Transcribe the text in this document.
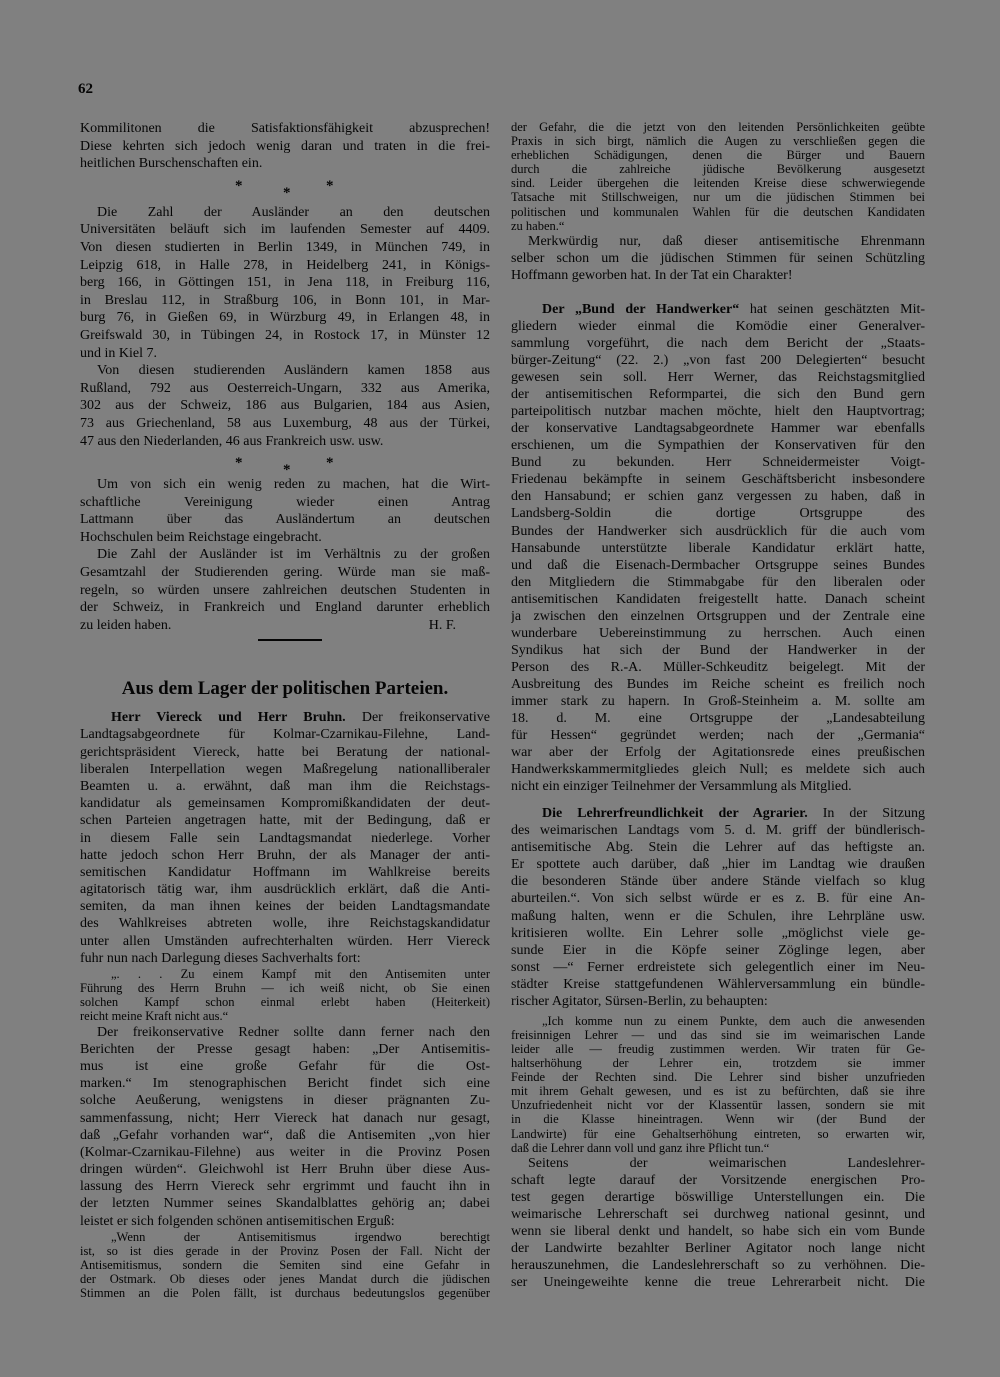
62
Kommilitonen die Satisfaktionsfähigkeit abzusprechen!
Diese kehrten sich jedoch wenig daran und traten in die frei-
heitlichen Burschenschaften ein.
*	* *
Die Zahl der Ausländer an den deutschen
Universitäten beläuft sich im laufenden Semester auf 4409.
Von diesen studierten in Berlin 1349, in München 749, in
Leipzig 618, in Halle 278, in Heidelberg 241, in Königs-
berg 166, in Göttingen 151, in Jena 118, in Freiburg 116,
in Breslau 112, in Straßburg 106, in Bonn 101, in Mar-
burg 76, in Gießen 69, in Würzburg 49, in Erlangen 48, in
Greifswald 30, in Tübingen 24, in Rostock 17, in Münster 12
und in Kiel 7.
Von diesen studierenden Ausländern kamen 1858 aus
Rußland, 792 aus Oesterreich-Ungarn, 332 aus Amerika,
302 aus der Schweiz, 186 aus Bulgarien, 184 aus Asien,
73 aus Griechenland, 58 aus Luxemburg, 48 aus der Türkei,
47 aus den Niederlanden, 46 aus Frankreich usw. usw.
*	* *
Um von sich ein wenig reden zu machen, hat die Wirt-
schaftliche Vereinigung wieder einen Antrag
Lattmann über das Ausländertum an deutschen
Hochschulen beim Reichstage eingebracht.
Die Zahl der Ausländer ist im Verhältnis zu der großen
Gesamtzahl der Studierenden gering. Würde man sie maß-
regeln, so würden unsere zahlreichen deutschen Studenten in
der Schweiz, in Frankreich und England darunter erheblich
H. F.
zu leiden haben.
Aus dem Lager der politischen Parteien.
Herr Viereck und Herr Bruhn. Der freikonservative
Landtagsabgeordnete für Kolmar-Czarnikau-Filehne, Land-
gerichtspräsident Viereck, hatte bei Beratung der national-
liberalen Interpellation wegen Maßregelung nationalliberaler
Beamten u. a. erwähnt, daß man ihm die Reichstags-
kandidatur als gemeinsamen Kompromißkandidaten der deut-
schen Parteien angetragen hatte, mit der Bedingung, daß er
in diesem Falle sein Landtagsmandat niederlege. Vorher
hatte jedoch schon Herr Bruhn, der als Manager der anti-
semitischen Kandidatur Hoffmann im Wahlkreise bereits
agitatorisch tätig war, ihm ausdrücklich erklärt, daß die Anti-
semiten, da man ihnen keines der beiden Landtagsmandate
des Wahlkreises abtreten wolle, ihre Reichstagskandidatur
unter allen Umständen aufrechterhalten würden. Herr Viereck
fuhr nun nach Darlegung dieses Sachverhalts fort:
„. . . Zu einem Kampf mit den Antisemiten unter
Führung des Herrn Bruhn — ich weiß nicht, ob Sie einen
solchen Kampf schon einmal erlebt haben (Heiterkeit)
reicht meine Kraft nicht aus.“
Der freikonservative Redner sollte dann ferner nach den
Berichten der Presse gesagt haben: „Der Antisemitis-
mus ist eine große Gefahr für die Ost-
marken.“ Im stenographischen Bericht findet sich eine
solche Aeußerung, wenigstens in dieser prägnanten Zu-
sammenfassung, nicht; Herr Viereck hat danach nur gesagt,
daß „Gefahr vorhanden war“, daß die Antisemiten „von hier
(Kolmar-Czarnikau-Filehne) aus weiter in die Provinz Posen
dringen würden“. Gleichwohl ist Herr Bruhn über diese Aus-
lassung des Herrn Viereck sehr ergrimmt und faucht ihn in
der letzten Nummer seines Skandalblattes gehörig an; dabei
leistet er sich folgenden schönen antisemitischen Erguß:
„Wenn der Antisemitismus irgendwo berechtigt
ist, so ist dies gerade in der Provinz Posen der Fall. Nicht der
Antisemitismus, sondern die Semiten sind eine Gefahr in
der Ostmark. Ob dieses oder jenes Mandat durch die jüdischen
Stimmen an die Polen fällt, ist durchaus bedeutungslos gegenüber
der Gefahr, die die jetzt von den leitenden Persönlichkeiten geübte
Praxis in sich birgt, nämlich die Augen zu verschließen gegen die
erheblichen Schädigungen, denen die Bürger und Bauern
durch die zahlreiche jüdische Bevölkerung ausgesetzt
sind. Leider übergehen die leitenden Kreise diese schwerwiegende
Tatsache mit Stillschweigen, nur um die jüdischen Stimmen bei
politischen und kommunalen Wahlen für die deutschen Kandidaten
zu haben.“
Merkwürdig nur, daß dieser antisemitische Ehrenmann
selber schon um die jüdischen Stimmen für seinen Schützling
Hoffmann geworben hat. In der Tat ein Charakter!
Der „Bund der Handwerker“ hat seinen geschätzten Mit-
gliedern wieder einmal die Komödie einer Generalver-
sammlung vorgeführt, die nach dem Bericht der „Staats-
bürger-Zeitung“ (22. 2.) „von fast 200 Delegierten“ besucht
gewesen sein soll. Herr Werner, das Reichstagsmitglied
der antisemitischen Reformpartei, die sich den Bund gern
parteipolitisch nutzbar machen möchte, hielt den Hauptvortrag;
der konservative Landtagsabgeordnete Hammer war ebenfalls
erschienen, um die Sympathien der Konservativen für den
Bund zu bekunden. Herr Schneidermeister Voigt-
Friedenau bekämpfte in seinem Geschäftsbericht insbesondere
den Hansabund; er schien ganz vergessen zu haben, daß in
Landsberg-Soldin die dortige Ortsgruppe des
Bundes der Handwerker sich ausdrücklich für die auch vom
Hansabunde unterstützte liberale Kandidatur erklärt hatte,
und daß die Eisenach-Dermbacher Ortsgruppe seines Bundes
den Mitgliedern die Stimmabgabe für den liberalen oder
antisemitischen Kandidaten freigestellt hatte. Danach scheint
ja zwischen den einzelnen Ortsgruppen und der Zentrale eine
wunderbare Uebereinstimmung zu herrschen. Auch einen
Syndikus hat sich der Bund der Handwerker in der
Person des R.-A. Müller-Schkeuditz beigelegt. Mit der
Ausbreitung des Bundes im Reiche scheint es freilich noch
immer stark zu hapern. In Groß-Steinheim a. M. sollte am
18. d. M. eine Ortsgruppe der „Landesabteilung
für Hessen“ gegründet werden; nach der „Germania“
war aber der Erfolg der Agitationsrede eines preußischen
Handwerkskammermitgliedes gleich Null; es meldete sich auch
nicht ein einziger Teilnehmer der Versammlung als Mitglied.
Die Lehrerfreundlichkeit der Agrarier. In der Sitzung
des weimarischen Landtags vom 5. d. M. griff der bündlerisch-
antisemitische Abg. Stein die Lehrer auf das heftigste an.
Er spottete auch darüber, daß „hier im Landtag wie draußen
die besonderen Stände über andere Stände vielfach so klug
aburteilen.“. Von sich selbst würde er es z. B. für eine An-
maßung halten, wenn er die Schulen, ihre Lehrpläne usw.
kritisieren wollte. Ein Lehrer solle „möglichst viele ge-
sunde Eier in die Köpfe seiner Zöglinge legen, aber
sonst —“ Ferner erdreistete sich gelegentlich einer im Neu-
städter Kreise stattgefundenen Wählerversammlung ein bündle-
rischer Agitator, Sürsen-Berlin, zu behaupten:
„Ich komme nun zu einem Punkte, dem auch die anwesenden
freisinnigen Lehrer — und das sind sie im weimarischen Lande
leider alle — freudig zustimmen werden. Wir traten für Ge-
haltserhöhung der Lehrer ein, trotzdem sie immer
Feinde der Rechten sind. Die Lehrer sind bisher unzufrieden
mit ihrem Gehalt gewesen, und es ist zu befürchten, daß sie ihre
Unzufriedenheit nicht vor der Klassentür lassen, sondern sie mit
in die Klasse hineintragen. Wenn wir (der Bund der
Landwirte) für eine Gehaltserhöhung eintreten, so erwarten wir,
daß die Lehrer dann voll und ganz ihre Pflicht tun.“
Seitens der weimarischen Landeslehrer-
schaft legte darauf der Vorsitzende energischen Pro-
test gegen derartige böswillige Unterstellungen ein. Die
weimarische Lehrerschaft sei durchweg national gesinnt, und
wenn sie liberal denkt und handelt, so habe sich ein vom Bunde
der Landwirte bezahlter Berliner Agitator noch lange nicht
herauszunehmen, die Landeslehrerschaft so zu verhöhnen. Die-
ser Uneingeweihte kenne die treue Lehrerarbeit nicht. Die
